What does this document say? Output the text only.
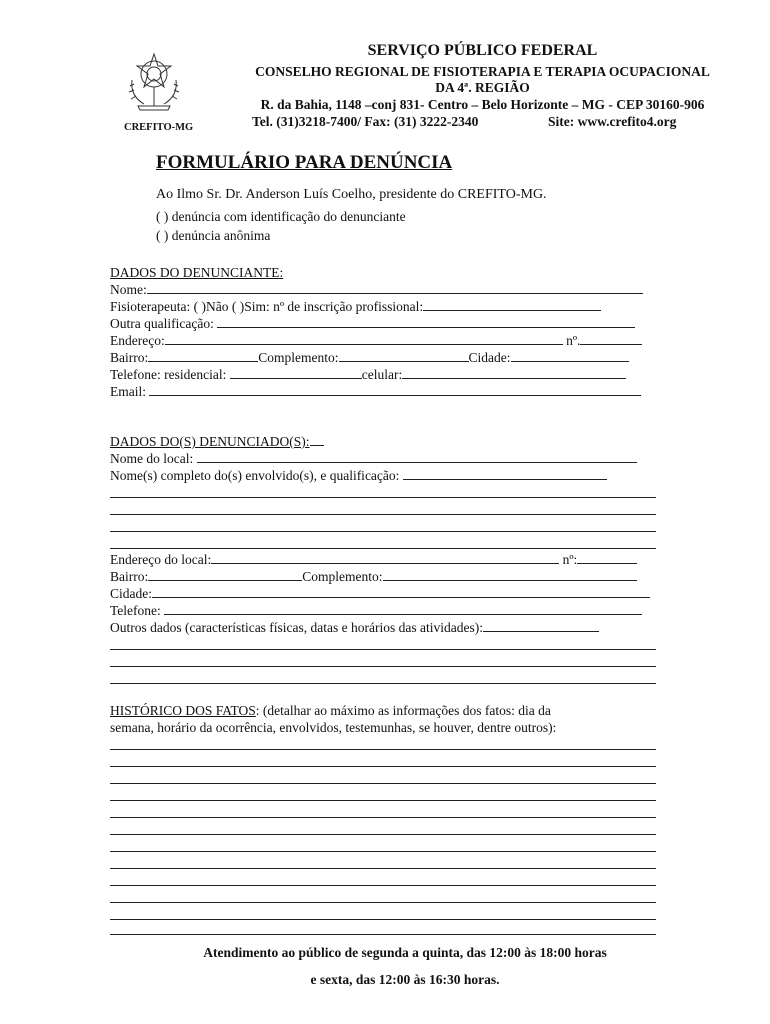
CREFITO-MG
SERVIÇO PÚBLICO FEDERAL
CONSELHO REGIONAL DE FISIOTERAPIA E TERAPIA OCUPACIONAL
DA 4ª. REGIÃO
R. da Bahia, 1148 –conj 831- Centro – Belo Horizonte – MG - CEP 30160-906
Tel. (31)3218-7400/ Fax: (31) 3222-2340	Site: www.crefito4.org
FORMULÁRIO PARA DENÚNCIA
Ao Ilmo Sr. Dr. Anderson Luís Coelho, presidente do CREFITO-MG.
( ) denúncia com identificação do denunciante
( ) denúncia anônima
DADOS DO DENUNCIANTE:
Nome:
Fisioterapeuta: ( )Não ( )Sim: nº de inscrição profissional:
Outra qualificação:
Endereço:	nº.
Bairro:	Complemento:	Cidade:
Telefone: residencial:	celular:
Email:
DADOS DO(S) DENUNCIADO(S):
Nome do local:
Nome(s) completo do(s) envolvido(s), e qualificação:
Endereço do local:	nº:
Bairro:	Complemento:
Cidade:
Telefone:
Outros dados (características físicas, datas e horários das atividades):
HISTÓRICO DOS FATOS: (detalhar ao máximo as informações dos fatos: dia da
semana, horário da ocorrência, envolvidos, testemunhas, se houver, dentre outros):
Atendimento ao público de segunda a quinta, das 12:00 às 18:00 horas
e sexta, das 12:00 às 16:30 horas.
